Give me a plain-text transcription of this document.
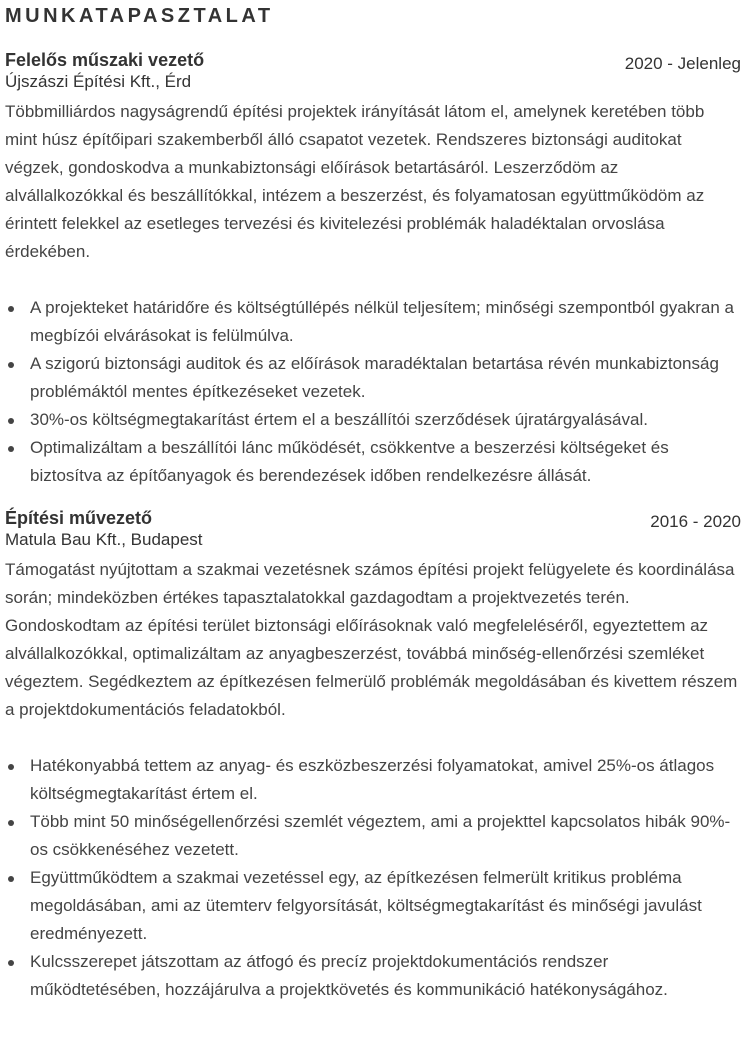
MUNKATAPASZTALAT
Felelős műszaki vezető
Újszászi Építési Kft., Érd
2020 - Jelenleg

Többmilliárdos nagyságrendű építési projektek irányítását látom el, amelynek keretében több mint húsz építőipari szakemberből álló csapatot vezetek. Rendszeres biztonsági auditokat végzek, gondoskodva a munkabiztonsági előírások betartásáról. Leszerződöm az alvállalkozókkal és beszállítókkal, intézem a beszerzést, és folyamatosan együttműködöm az érintett felekkel az esetleges tervezési és kivitelezési problémák haladéktalan orvoslása érdekében.

A projekteket határidőre és költségtúllépés nélkül teljesítem; minőségi szempontból gyakran a megbízói elvárásokat is felülmúlva.
A szigorú biztonsági auditok és az előírások maradéktalan betartása révén munkabiztonság problémáktól mentes építkezéseket vezetek.
30%-os költségmegtakarítást értem el a beszállítói szerződések újratárgyalásával.
Optimalizáltam a beszállítói lánc működését, csökkentve a beszerzési költségeket és biztosítva az építőanyagok és berendezések időben rendelkezésre állását.
Építési művezető
Matula Bau Kft., Budapest
2016 - 2020

Támogatást nyújtottam a szakmai vezetésnek számos építési projekt felügyelete és koordinálása során; mindeközben értékes tapasztalatokkal gazdagodtam a projektvezetés terén. Gondoskodtam az építési terület biztonsági előírásoknak való megfeleléséről, egyeztettem az alvállalkozókkal, optimalizáltam az anyagbeszerzést, továbbá minőség-ellenőrzési szemléket végeztem. Segédkeztem az építkezésen felmerülő problémák megoldásában és kivettem részem a projektdokumentációs feladatokból.

Hatékonyabbá tettem az anyag- és eszközbeszerzési folyamatokat, amivel 25%-os átlagos költségmegtakarítást értem el.
Több mint 50 minőségellenőrzési szemlét végeztem, ami a projekttel kapcsolatos hibák 90%-os csökkenéséhez vezetett.
Együttműködtem a szakmai vezetéssel egy, az építkezésen felmerült kritikus probléma megoldásában, ami az ütemterv felgyorsítását, költségmegtakarítást és minőségi javulást eredményezett.
Kulcsszerepet játszottam az átfogó és precíz projektdokumentációs rendszer működtetésében, hozzájárulva a projektkövetés és kommunikáció hatékonyságához.
